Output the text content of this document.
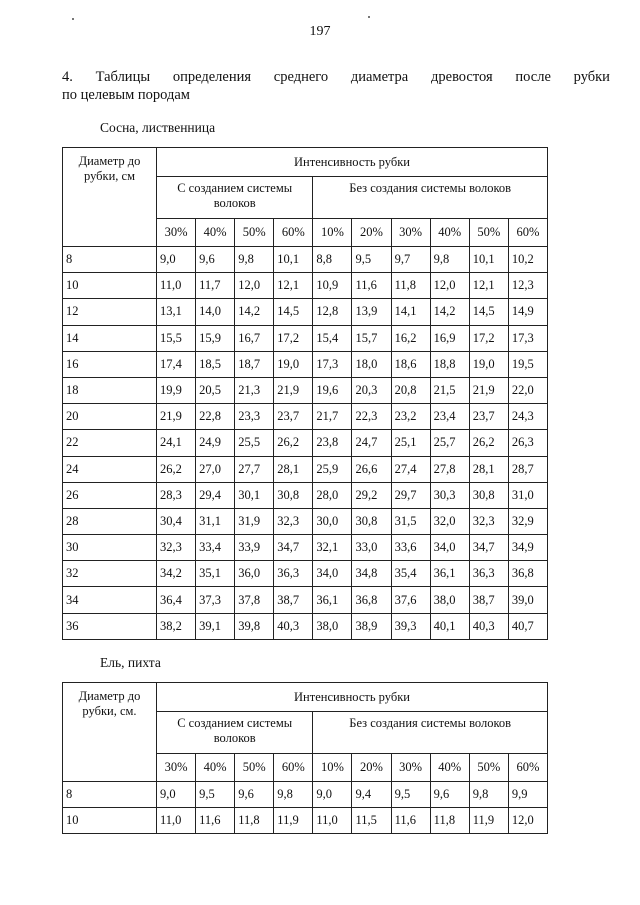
197
4. Таблицы определения среднего диаметра древостоя после рубки
по целевым породам
Сосна, лиственница
Диаметр до рубки, см	Интенсивность рубки									
	С созданием системы волоков				Без создания системы волоков					
	30%	40%	50%	60%	10%	20%	30%	40%	50%	60%
8	9,0	9,6	9,8	10,1	8,8	9,5	9,7	9,8	10,1	10,2
10	11,0	11,7	12,0	12,1	10,9	11,6	11,8	12,0	12,1	12,3
12	13,1	14,0	14,2	14,5	12,8	13,9	14,1	14,2	14,5	14,9
14	15,5	15,9	16,7	17,2	15,4	15,7	16,2	16,9	17,2	17,3
16	17,4	18,5	18,7	19,0	17,3	18,0	18,6	18,8	19,0	19,5
18	19,9	20,5	21,3	21,9	19,6	20,3	20,8	21,5	21,9	22,0
20	21,9	22,8	23,3	23,7	21,7	22,3	23,2	23,4	23,7	24,3
22	24,1	24,9	25,5	26,2	23,8	24,7	25,1	25,7	26,2	26,3
24	26,2	27,0	27,7	28,1	25,9	26,6	27,4	27,8	28,1	28,7
26	28,3	29,4	30,1	30,8	28,0	29,2	29,7	30,3	30,8	31,0
28	30,4	31,1	31,9	32,3	30,0	30,8	31,5	32,0	32,3	32,9
30	32,3	33,4	33,9	34,7	32,1	33,0	33,6	34,0	34,7	34,9
32	34,2	35,1	36,0	36,3	34,0	34,8	35,4	36,1	36,3	36,8
34	36,4	37,3	37,8	38,7	36,1	36,8	37,6	38,0	38,7	39,0
36	38,2	39,1	39,8	40,3	38,0	38,9	39,3	40,1	40,3	40,7
Ель, пихта
Диаметр до рубки, см.	Интенсивность рубки									
	С созданием системы волоков				Без создания системы волоков					
	30%	40%	50%	60%	10%	20%	30%	40%	50%	60%
8	9,0	9,5	9,6	9,8	9,0	9,4	9,5	9,6	9,8	9,9
10	11,0	11,6	11,8	11,9	11,0	11,5	11,6	11,8	11,9	12,0
